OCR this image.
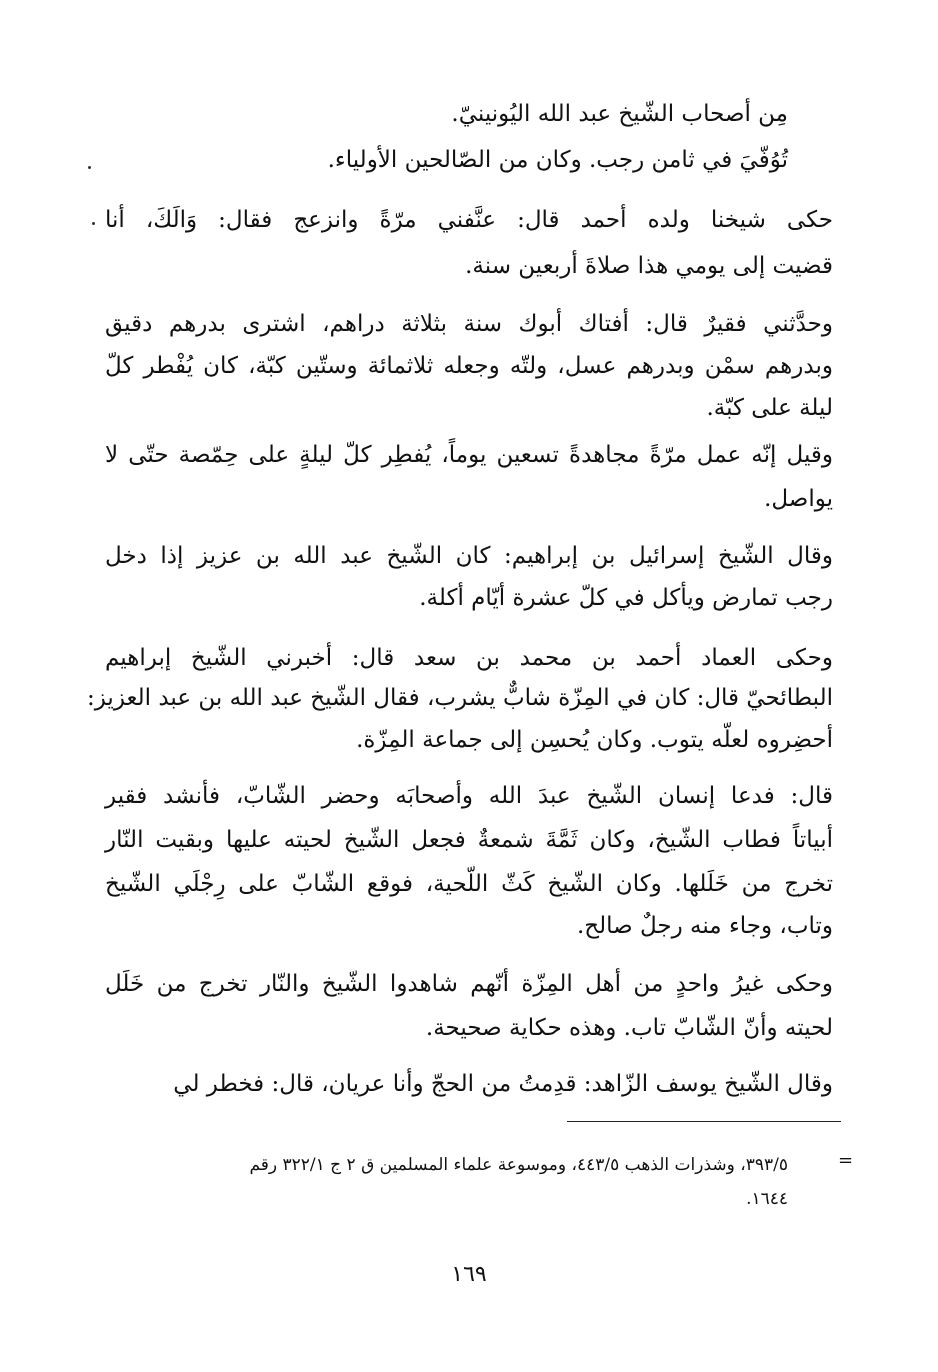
مِن أصحاب الشّيخ عبد الله اليُونينيّ.
تُوُفّيَ في ثامن رجب. وكان من الصّالحين الأولياء.
حكى شيخنا ولده أحمد قال: عنَّفني مرّةً وانزعج فقال: وَالَكَ، أنا
قضيت إلى يومي هذا صلاةَ أربعين سنة.
وحدَّثني فقيرٌ قال: أفتاك أبوك سنة بثلاثة دراهم، اشترى بدرهم دقيق
وبدرهم سمْن وبدرهم عسل، ولتّه وجعله ثلاثمائة وستّين كبّة، كان يُفْطر كلّ
ليلة على كبّة.
وقيل إنّه عمل مرّةً مجاهدةً تسعين يوماً، يُفطِر كلّ ليلةٍ على حِمّصة حتّى لا
يواصل.
وقال الشّيخ إسرائيل بن إبراهيم: كان الشّيخ عبد الله بن عزيز إذا دخل
رجب تمارض ويأكل في كلّ عشرة أيّام أكلة.
وحكى العماد أحمد بن محمد بن سعد قال: أخبرني الشّيخ إبراهيم
البطائحيّ قال: كان في المِزّة شابٌّ يشرب، فقال الشّيخ عبد الله بن عبد العزيز:
أحضِروه لعلّه يتوب. وكان يُحسِن إلى جماعة المِزّة.
قال: فدعا إنسان الشّيخ عبدَ الله وأصحابَه وحضر الشّابّ، فأنشد فقير
أبياتاً فطاب الشّيخ، وكان ثَمَّةَ شمعةٌ فجعل الشّيخ لحيته عليها وبقيت النّار
تخرج من خَلَلها. وكان الشّيخ كَثّ اللّحية، فوقع الشّابّ على رِجْلَي الشّيخ
وتاب، وجاء منه رجلٌ صالح.
وحكى غيرُ واحدٍ من أهل المِزّة أنّهم شاهدوا الشّيخ والنّار تخرج من خَلَل
لحيته وأنّ الشّابّ تاب. وهذه حكاية صحيحة.
وقال الشّيخ يوسف الزّاهد: قدِمتُ من الحجّ وأنا عريان، قال: فخطر لي
=
٣٩٣/٥، وشذرات الذهب ٤٤٣/٥، وموسوعة علماء المسلمين ق ٢ ج ٣٢٢/١ رقم
١٦٤٤.
١٦٩
